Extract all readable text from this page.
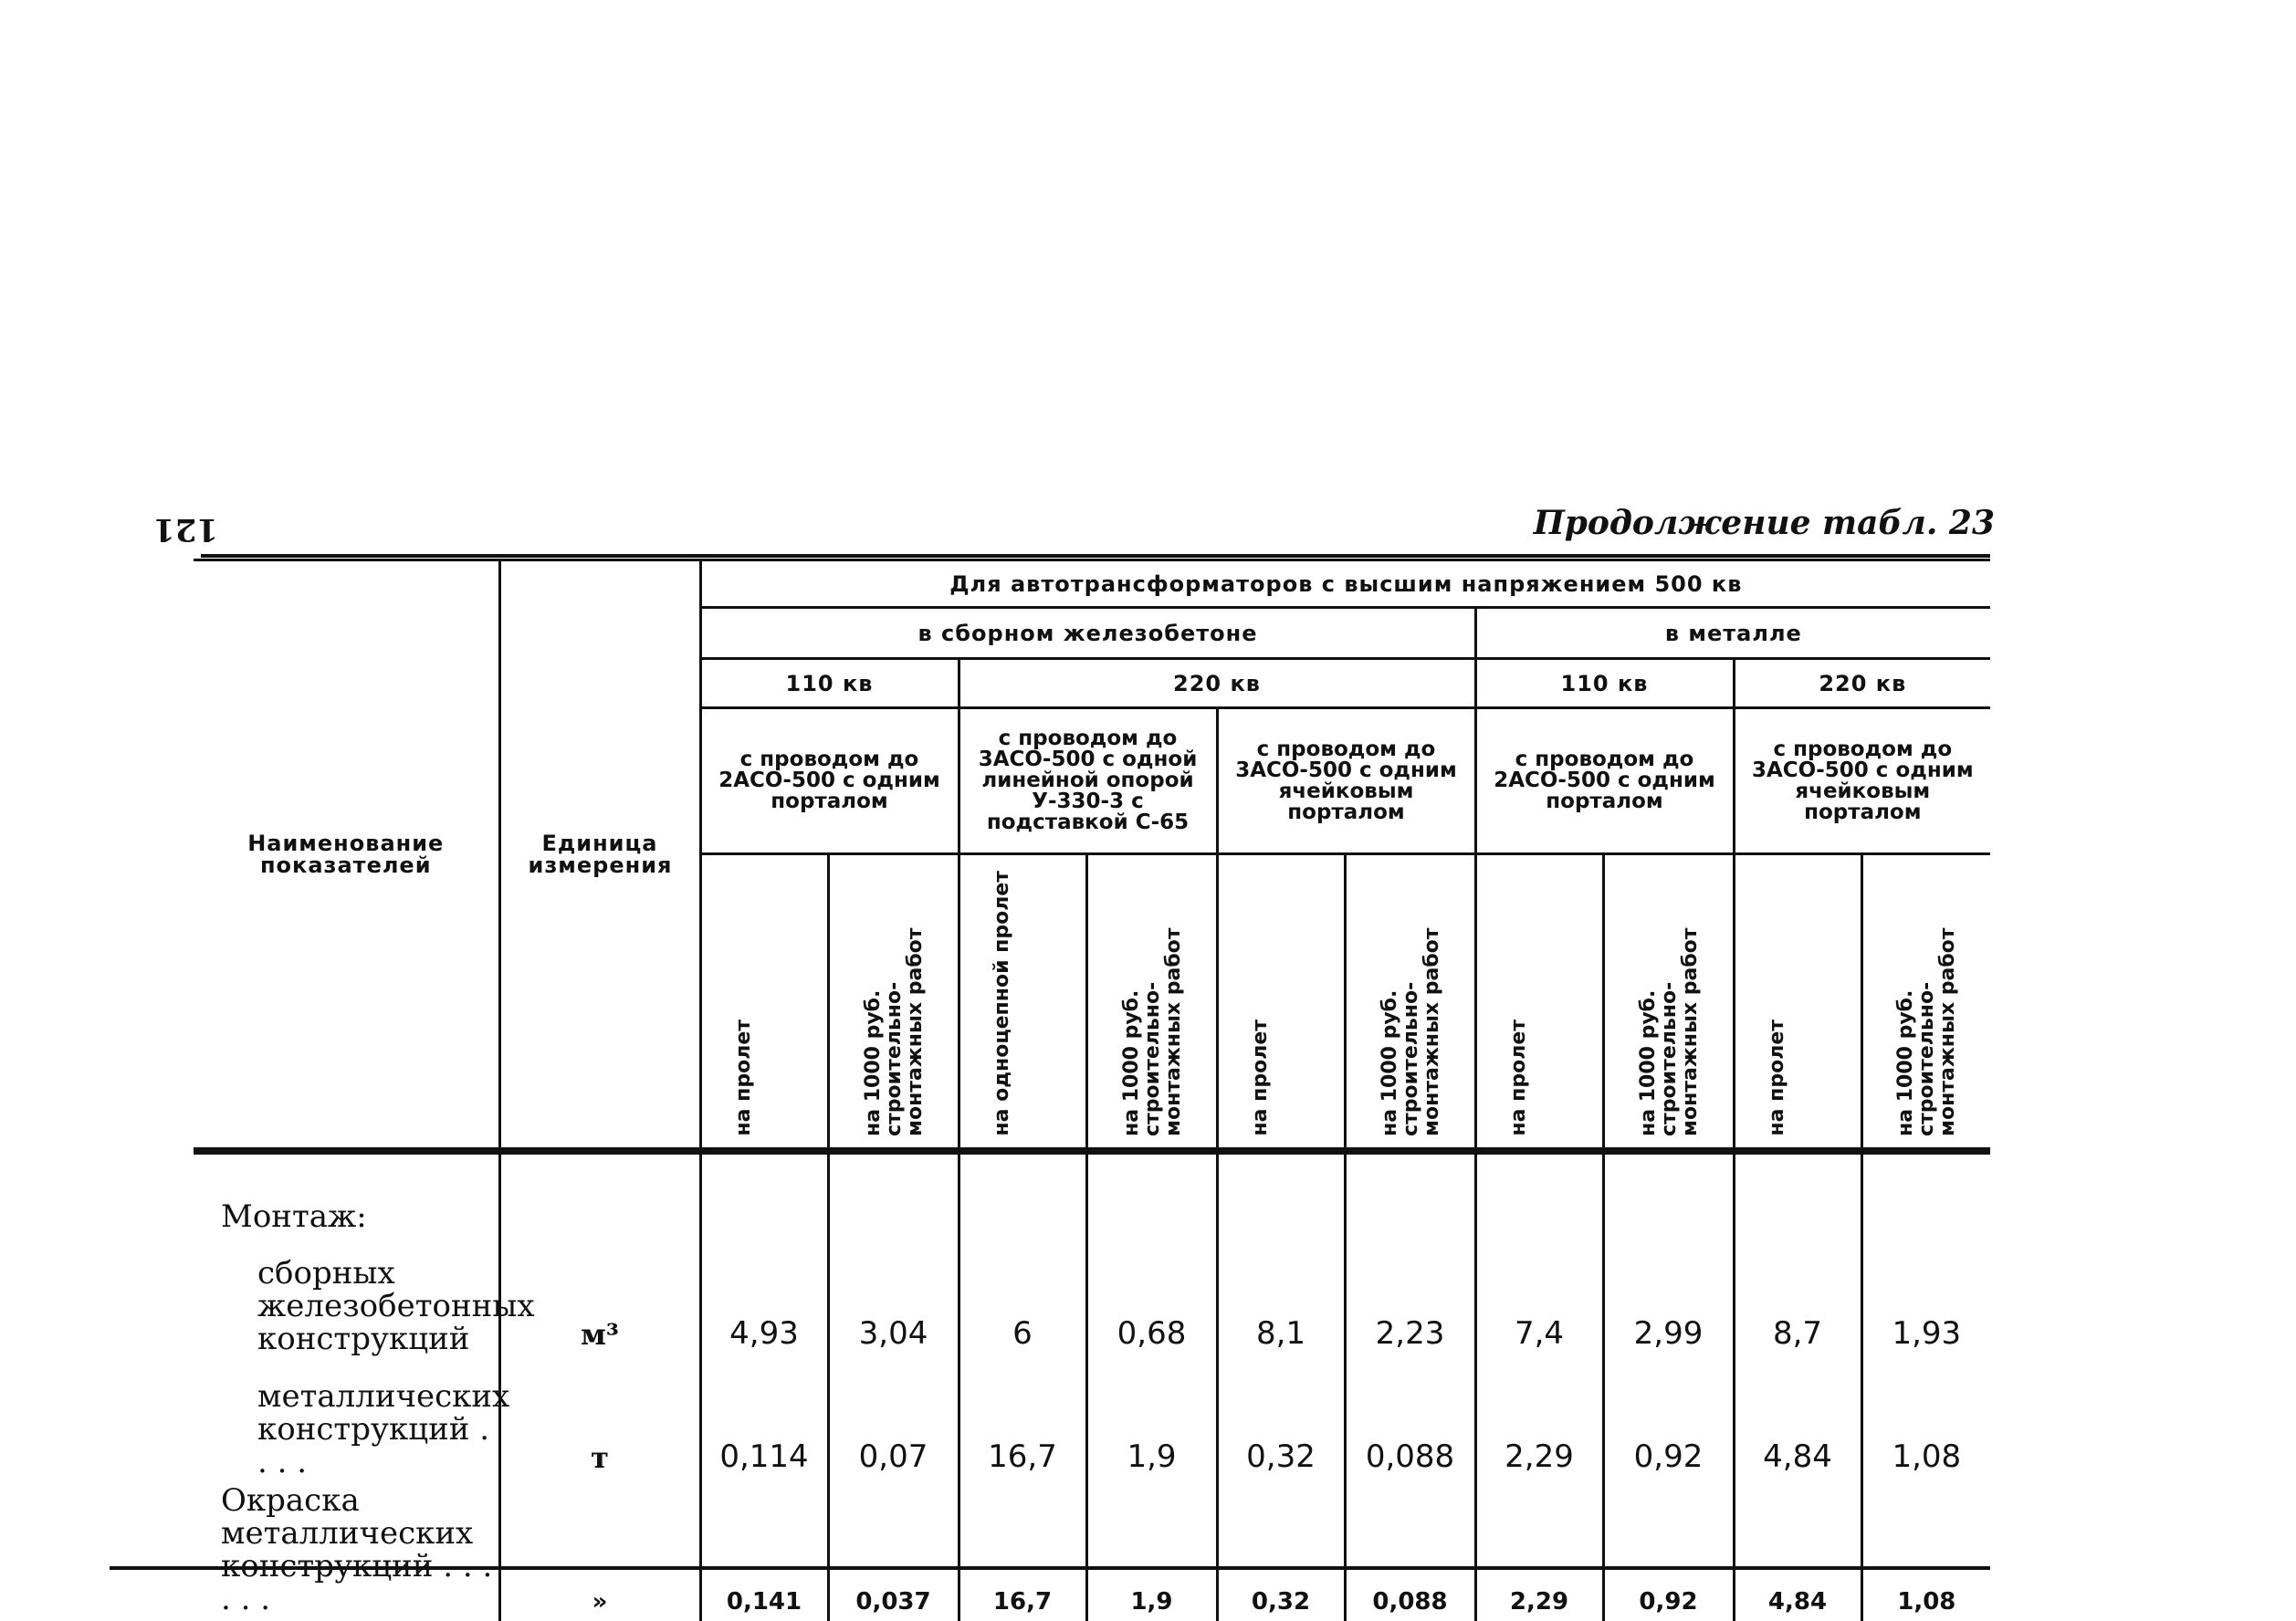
121	Продолжение табл. 23
Наименование показателей	Единица измерения	Для автотрансформаторов с высшим напряжением 500 кв									
		в сборном железобетоне						в металле			
		110 кв		220 кв				110 кв		220 кв	
		с проводом до 2АСО-500 с одним порталом		с проводом до 3АСО-500 с одной линейной опорой У-330-3 с подставкой С-65		с проводом до 3АСО-500 с одним ячейковым порталом		с проводом до 2АСО-500 с одним порталом		с проводом до 3АСО-500 с одним ячейковым порталом	

		на пролет	на 1000 руб. строительно-монтажных работ	на одноцепной пролет	на 1000 руб. строительно-монтажных работ	на пролет	на 1000 руб. строительно-монтажных работ	на пролет	на 1000 руб. строительно-монтажных работ	на пролет	на 1000 руб. строительно-монтажных работ

Монтаж:											

сборных железобетонных конструкций	м³	4,93	3,04	6	0,68	8,1	2,23	7,4	2,99	8,7	1,93

металлических конструкций . . . .	т	0,114	0,07	16,7	1,9	0,32	0,088	2,29	0,92	4,84	1,08
Окраска металлических конструкций . . . . . .	»	0,141	0,037	16,7	1,9	0,32	0,088	2,29	0,92	4,84	1,08
